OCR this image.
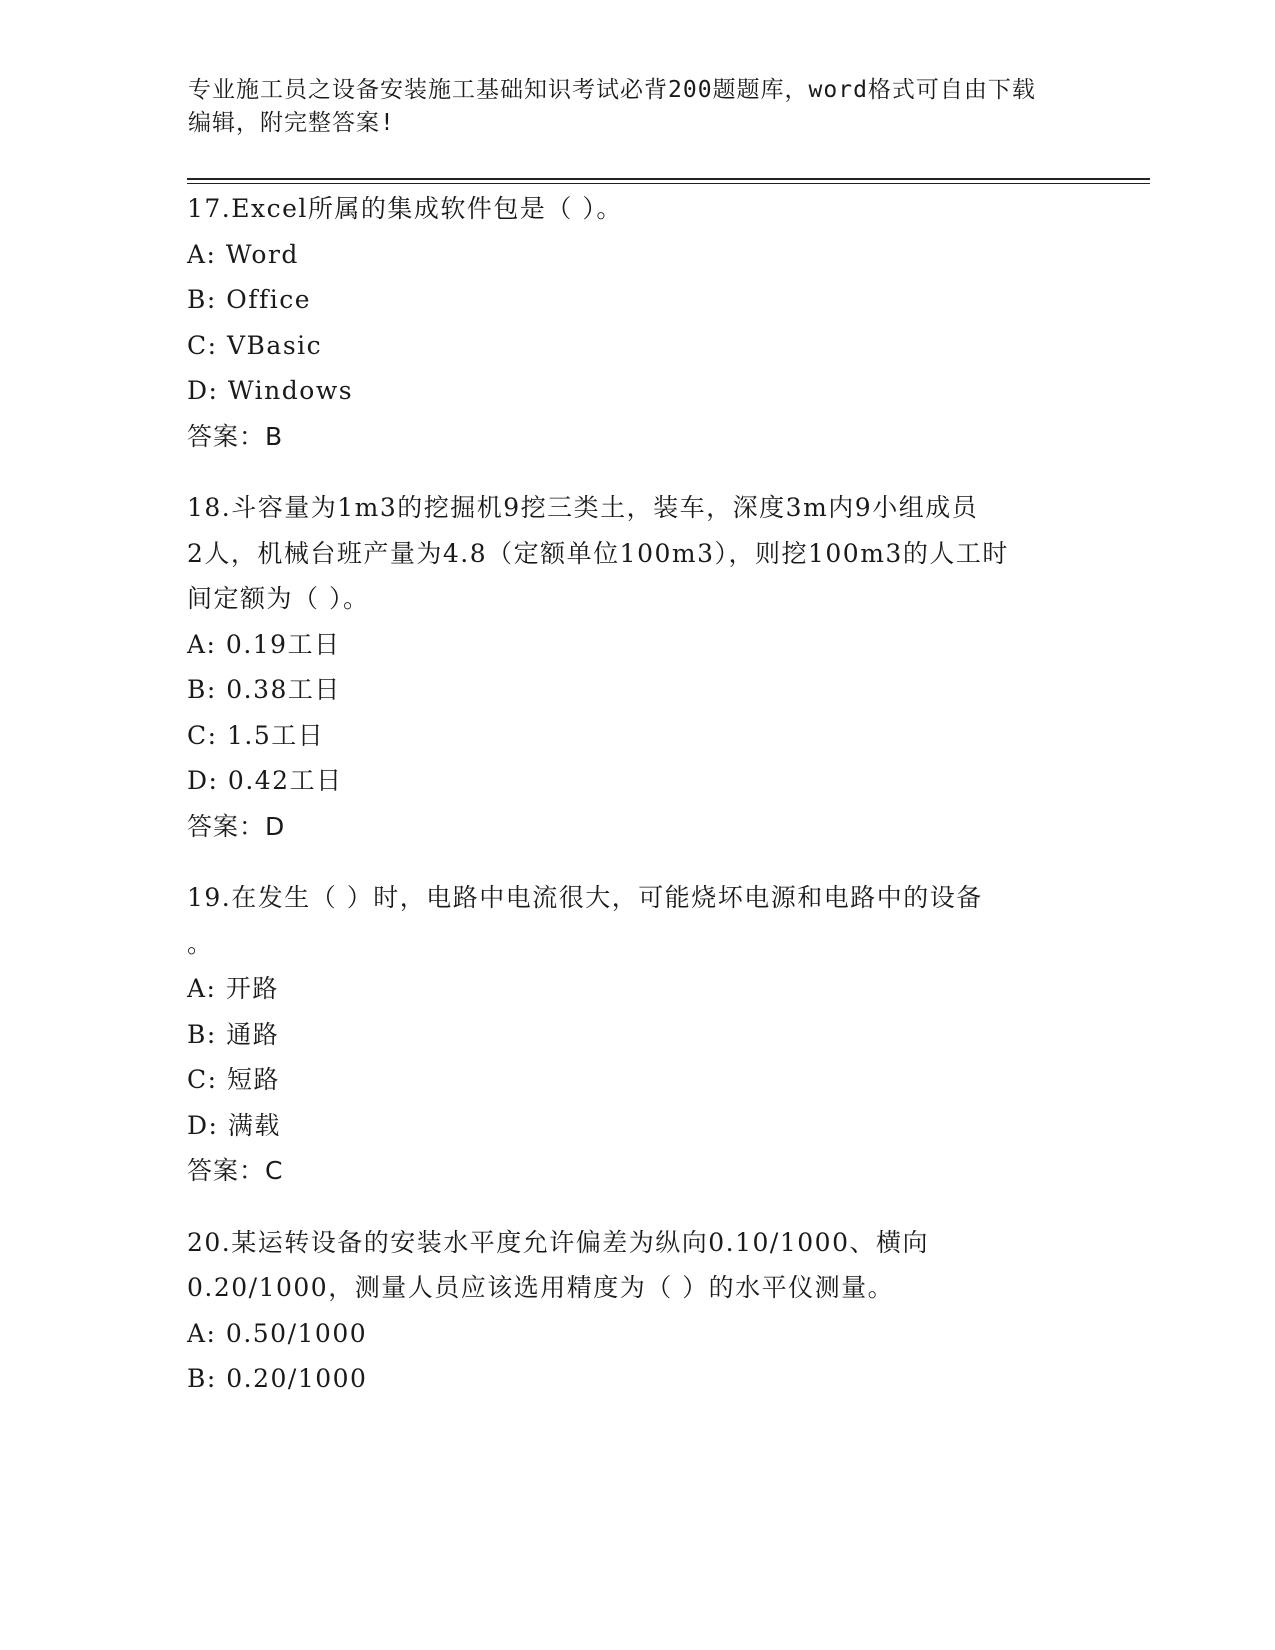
专业施工员之设备安装施工基础知识考试必背200题题库，word格式可自由下载
编辑，附完整答案!
17.Excel所属的集成软件包是（ ）。
A: Word
B: Office
C: VBasic
D: Windows
答案：B
18.斗容量为1m3的挖掘机9挖三类土，装车，深度3m内9小组成员
2人，机械台班产量为4.8（定额单位100m3），则挖100m3的人工时
间定额为（ ）。
A: 0.19工日
B: 0.38工日
C: 1.5工日
D: 0.42工日
答案：D
19.在发生（ ）时，电路中电流很大，可能烧坏电源和电路中的设备
。
A: 开路
B: 通路
C: 短路
D: 满载
答案：C
20.某运转设备的安装水平度允许偏差为纵向0.10/1000、横向
0.20/1000，测量人员应该选用精度为（ ）的水平仪测量。
A: 0.50/1000
B: 0.20/1000
